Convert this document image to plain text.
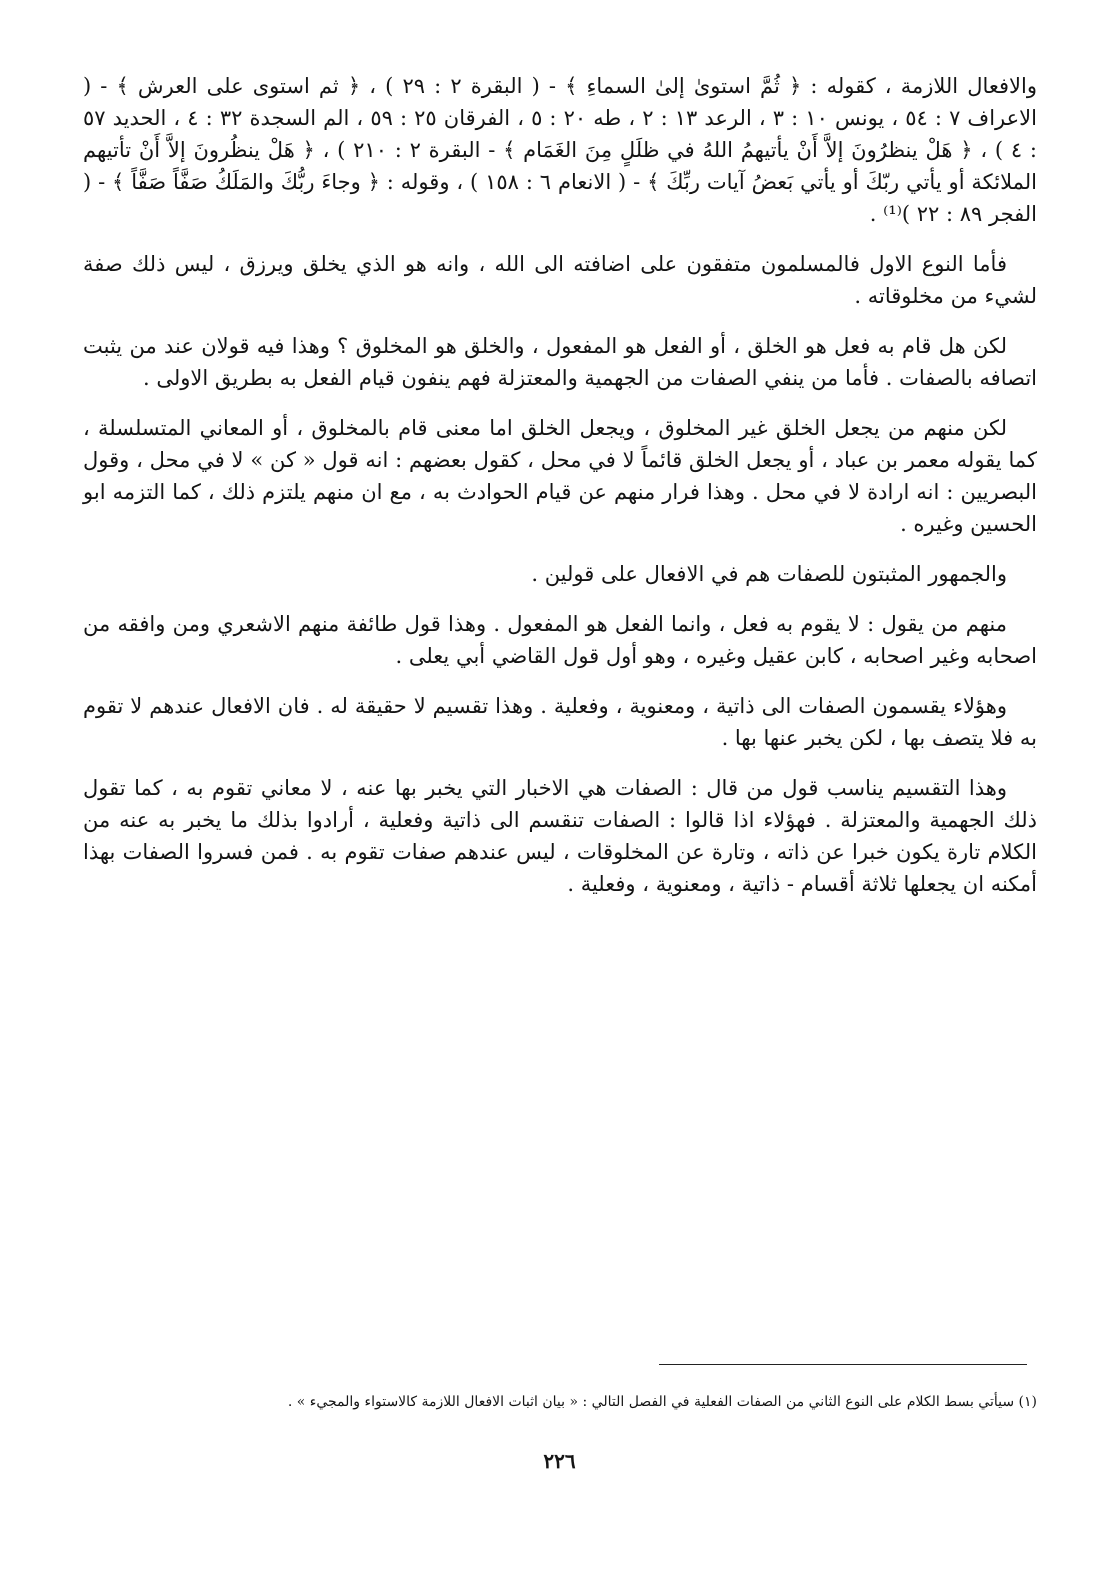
والافعال اللازمة ، كقوله : ﴿ ثُمَّ استوىٰ إلىٰ السماءِ ﴾ - ( البقرة ٢ : ٢٩ ) ، ﴿ ثم استوى على العرش ﴾ - ( الاعراف ٧ : ٥٤ ، يونس ١٠ : ٣ ، الرعد ١٣ : ٢ ، طه ٢٠ : ٥ ، الفرقان ٢٥ : ٥٩ ، الم السجدة ٣٢ : ٤ ، الحديد ٥٧ : ٤ ) ، ﴿ هَلْ ينظرُونَ إلاَّ أَنْ يأتيهمُ اللهُ في ظلَلٍ مِنَ الغَمَام ﴾ - البقرة ٢ : ٢١٠ ) ، ﴿ هَلْ ينظُرونَ إلاَّ أَنْ تأتيهم الملائكة أو يأتي ربّكَ أو يأتي بَعضُ آيات ربِّكَ ﴾ - ( الانعام ٦ : ١٥٨ ) ، وقوله : ﴿ وجاءَ ربُّكَ والمَلَكُ صَفَّاً صَفَّاً ﴾ - ( الفجر ٨٩ : ٢٢ )⁽¹⁾ .

فأما النوع الاول فالمسلمون متفقون على اضافته الى الله ، وانه هو الذي يخلق ويرزق ، ليس ذلك صفة لشيء من مخلوقاته .

لكن هل قام به فعل هو الخلق ، أو الفعل هو المفعول ، والخلق هو المخلوق ؟ وهذا فيه قولان عند من يثبت اتصافه بالصفات . فأما من ينفي الصفات من الجهمية والمعتزلة فهم ينفون قيام الفعل به بطريق الاولى .

لكن منهم من يجعل الخلق غير المخلوق ، ويجعل الخلق اما معنى قام بالمخلوق ، أو المعاني المتسلسلة ، كما يقوله معمر بن عباد ، أو يجعل الخلق قائماً لا في محل ، كقول بعضهم : انه قول « كن » لا في محل ، وقول البصريين : انه ارادة لا في محل . وهذا فرار منهم عن قيام الحوادث به ، مع ان منهم يلتزم ذلك ، كما التزمه ابو الحسين وغيره .

والجمهور المثبتون للصفات هم في الافعال على قولين .

منهم من يقول : لا يقوم به فعل ، وانما الفعل هو المفعول . وهذا قول طائفة منهم الاشعري ومن وافقه من اصحابه وغير اصحابه ، كابن عقيل وغيره ، وهو أول قول القاضي أبي يعلى .

وهؤلاء يقسمون الصفات الى ذاتية ، ومعنوية ، وفعلية . وهذا تقسيم لا حقيقة له . فان الافعال عندهم لا تقوم به فلا يتصف بها ، لكن يخبر عنها بها .

وهذا التقسيم يناسب قول من قال : الصفات هي الاخبار التي يخبر بها عنه ، لا معاني تقوم به ، كما تقول ذلك الجهمية والمعتزلة . فهؤلاء اذا قالوا : الصفات تنقسم الى ذاتية وفعلية ، أرادوا بذلك ما يخبر به عنه من الكلام تارة يكون خبرا عن ذاته ، وتارة عن المخلوقات ، ليس عندهم صفات تقوم به . فمن فسروا الصفات بهذا أمكنه ان يجعلها ثلاثة أقسام - ذاتية ، ومعنوية ، وفعلية .

(١) سيأتي بسط الكلام على النوع الثاني من الصفات الفعلية في الفصل التالي : « بيان اثبات الافعال اللازمة كالاستواء والمجيء » .
٢٢٦
